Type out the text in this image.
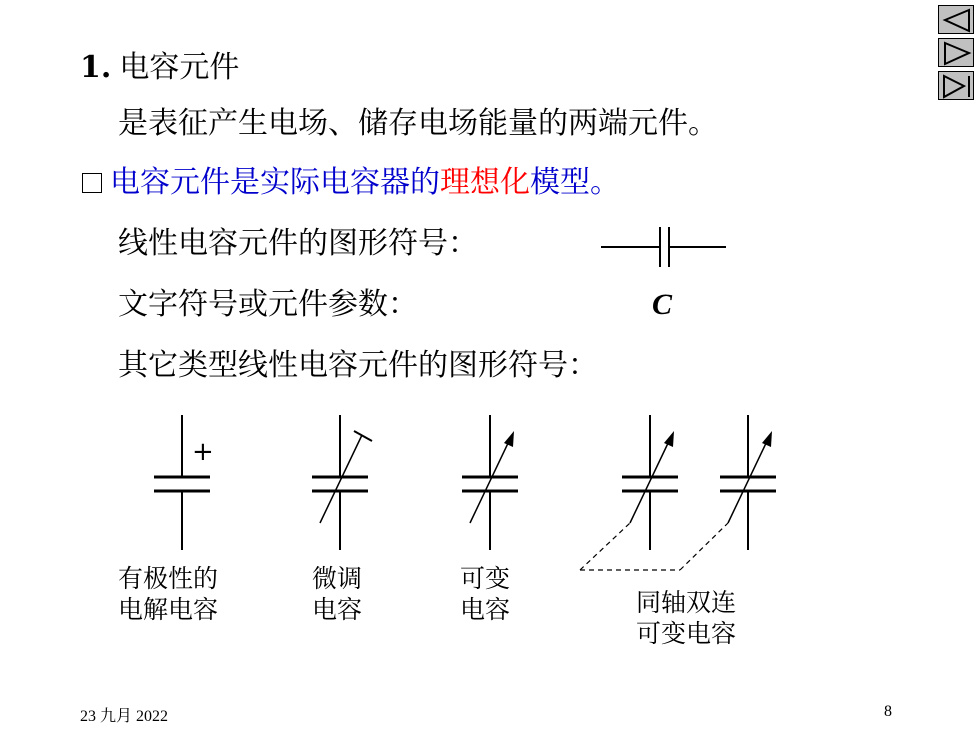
1. 电容元件
是表征产生电场、储存电场能量的两端元件。
电容元件是实际电容器的理想化模型。
线性电容元件的图形符号：
文字符号或元件参数：	C
其它类型线性电容元件的图形符号：
+
有极性的
电解电容
微调
电容
可变
电容	同轴双连
可变电容
23 九月 2022	8
